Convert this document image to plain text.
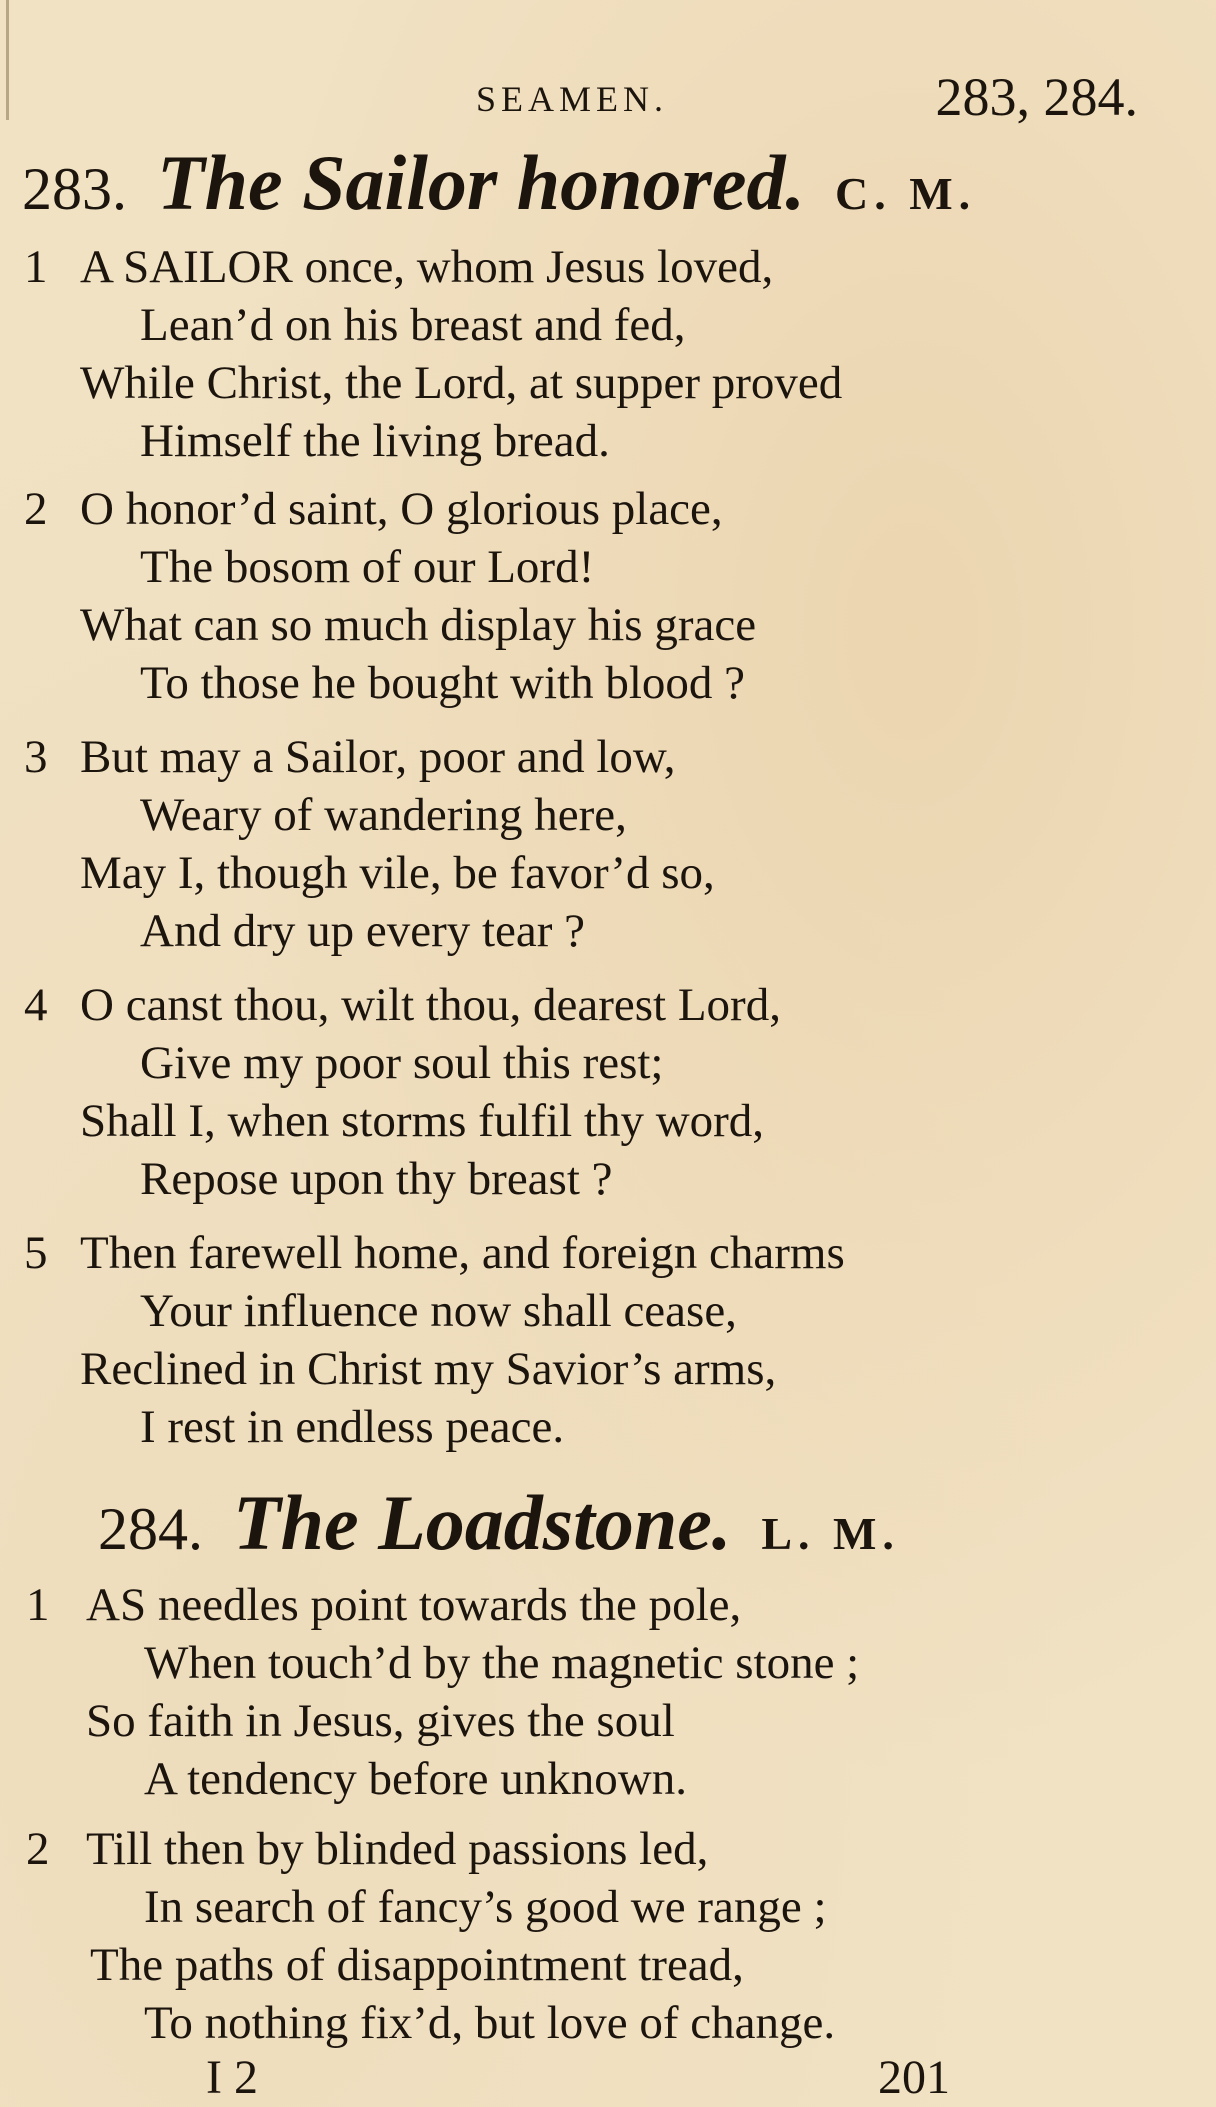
SEAMEN.	283, 284.
283. The Sailor honored. C. M.
1 A SAILOR once, whom Jesus loved,
Lean’d on his breast and fed,
While Christ, the Lord, at supper proved
Himself the living bread.
2 O honor’d saint, O glorious place,
The bosom of our Lord!
What can so much display his grace
To those he bought with blood ?
3 But may a Sailor, poor and low,
Weary of wandering here,
May I, though vile, be favor’d so,
And dry up every tear ?
4 O canst thou, wilt thou, dearest Lord,
Give my poor soul this rest;
Shall I, when storms fulfil thy word,
Repose upon thy breast ?
5 Then farewell home, and foreign charms
Your influence now shall cease,
Reclined in Christ my Savior’s arms,
I rest in endless peace.
284. The Loadstone. L. M.
1 AS needles point towards the pole,
When touch’d by the magnetic stone ;
So faith in Jesus, gives the soul
A tendency before unknown.
2 Till then by blinded passions led,
In search of fancy’s good we range ;
The paths of disappointment tread,
To nothing fix’d, but love of change.
I 2	201
